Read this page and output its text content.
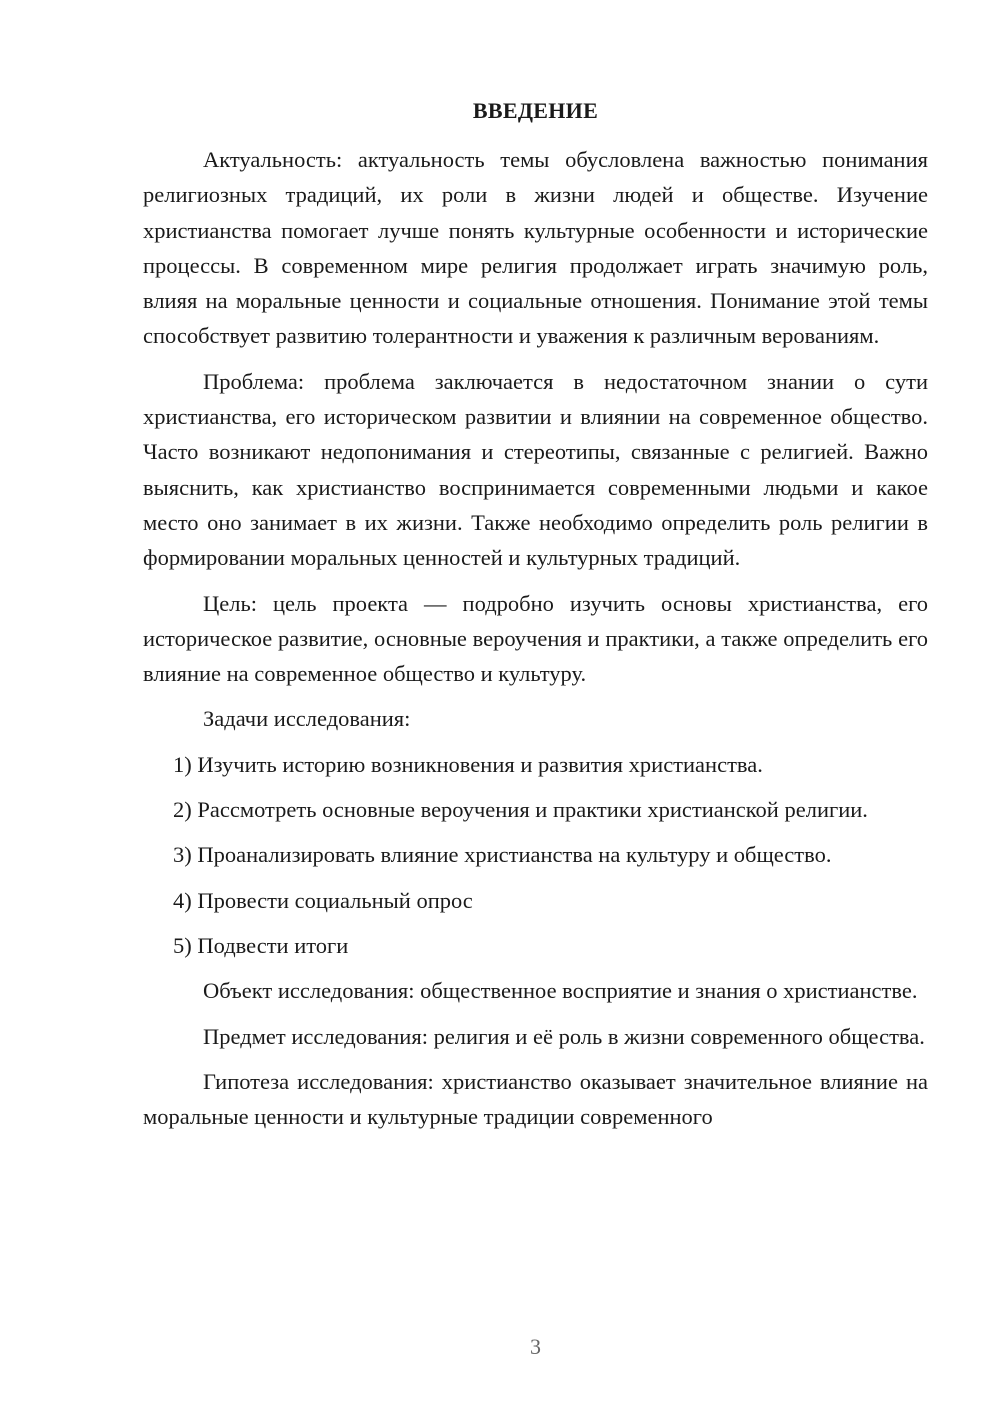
ВВЕДЕНИЕ

Актуальность: актуальность темы обусловлена важностью понимания религиозных традиций, их роли в жизни людей и обществе. Изучение христианства помогает лучше понять культурные особенности и исторические процессы. В современном мире религия продолжает играть значимую роль, влияя на моральные ценности и социальные отношения. Понимание этой темы способствует развитию толерантности и уважения к различным верованиям.

Проблема: проблема заключается в недостаточном знании о сути христианства, его историческом развитии и влиянии на современное общество. Часто возникают недопонимания и стереотипы, связанные с религией. Важно выяснить, как христианство воспринимается современными людьми и какое место оно занимает в их жизни. Также необходимо определить роль религии в формировании моральных ценностей и культурных традиций.

Цель: цель проекта — подробно изучить основы христианства, его историческое развитие, основные вероучения и практики, а также определить его влияние на современное общество и культуру.

Задачи исследования:

1) Изучить историю возникновения и развития христианства.

2) Рассмотреть основные вероучения и практики христианской религии.

3) Проанализировать влияние христианства на культуру и общество.

4) Провести социальный опрос

5) Подвести итоги

Объект исследования: общественное восприятие и знания о христианстве.

Предмет исследования: религия и её роль в жизни современного общества.

Гипотеза исследования: христианство оказывает значительное влияние на моральные ценности и культурные традиции современного

3
